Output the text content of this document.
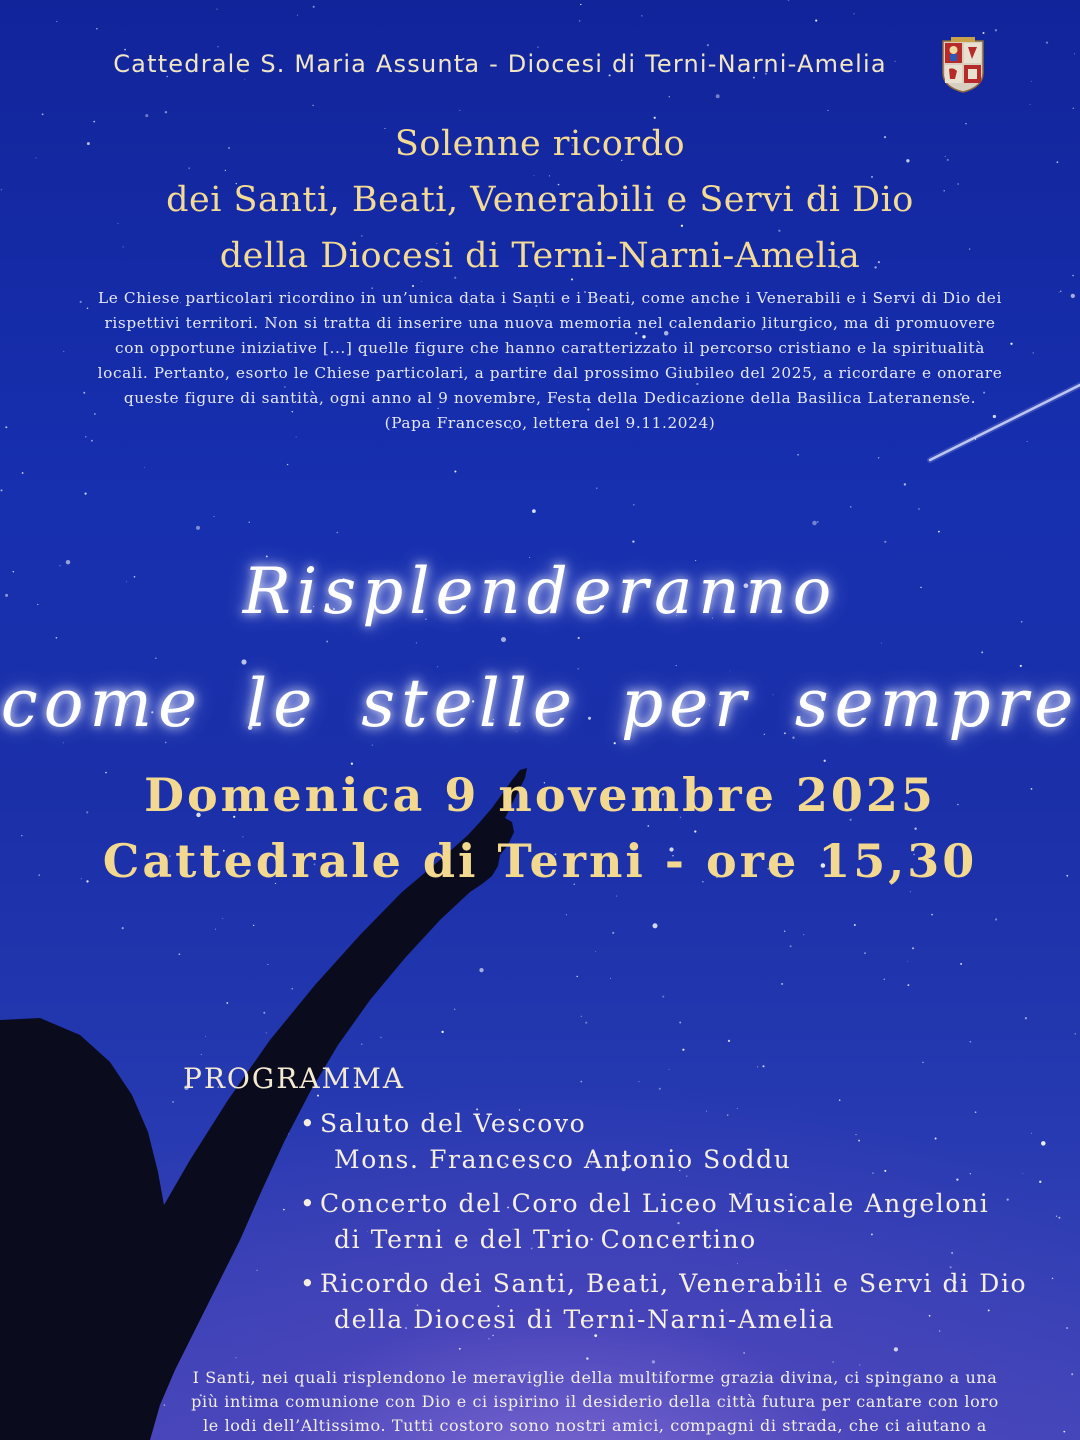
Cattedrale S. Maria Assunta - Diocesi di Terni-Narni-Amelia
Solenne ricordo
dei Santi, Beati, Venerabili e Servi di Dio
della Diocesi di Terni-Narni-Amelia
Le Chiese particolari ricordino in un’unica data i Santi e i Beati, come anche i Venerabili e i Servi di Dio dei
rispettivi territori. Non si tratta di inserire una nuova memoria nel calendario liturgico, ma di promuovere
con opportune iniziative [...] quelle figure che hanno caratterizzato il percorso cristiano e la spiritualità
locali. Pertanto, esorto le Chiese particolari, a partire dal prossimo Giubileo del 2025, a ricordare e onorare
queste figure di santità, ogni anno al 9 novembre, Festa della Dedicazione della Basilica Lateranense.
(Papa Francesco, lettera del 9.11.2024)
Risplenderanno
come le stelle per sempre
Domenica 9 novembre 2025
Cattedrale di Terni - ore 15,30
PROGRAMMA
• Saluto del Vescovo
Mons. Francesco Antonio Soddu
• Concerto del Coro del Liceo Musicale Angeloni
di Terni e del Trio Concertino
• Ricordo dei Santi, Beati, Venerabili e Servi di Dio
della Diocesi di Terni-Narni-Amelia
I Santi, nei quali risplendono le meraviglie della multiforme grazia divina, ci spingano a una
più intima comunione con Dio e ci ispirino il desiderio della città futura per cantare con loro
le lodi dell’Altissimo. Tutti costoro sono nostri amici, compagni di strada, che ci aiutano a
